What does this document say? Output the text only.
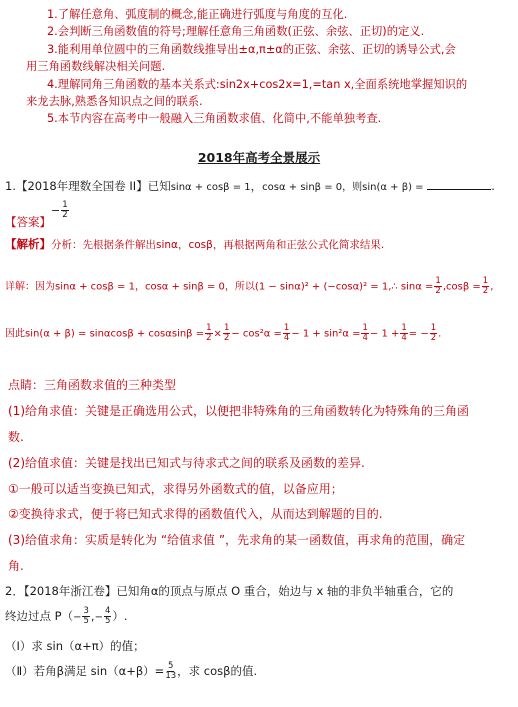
1.了解任意角、弧度制的概念,能正确进行弧度与角度的互化.
2.会判断三角函数值的符号;理解任意角三角函数(正弦、余弦、正切)的定义.
3.能利用单位圆中的三角函数线推导出±α,π±α的正弦、余弦、正切的诱导公式,会
用三角函数线解决相关问题.
4.理解同角三角函数的基本关系式:sin2x+cos2x=1,=tan x,全面系统地掌握知识的
来龙去脉,熟悉各知识点之间的联系.
5.本节内容在高考中一般融入三角函数求值、化简中,不能单独考查.
2018年高考全景展示
1.【2018年理数全国卷 II】已知sinα + cosβ = 1，cosα + sinβ = 0，则sin(α + β) =	.
【答案】− $\frac{1}{2}$
【解析】分析：先根据条件解出sinα，cosβ，再根据两角和正弦公式化简求结果.
详解：因为sinα + cosβ = 1，cosα + sinβ = 0，所以(1 − sinα)² + (−cosα)² = 1,∴ $\sin\alpha = \frac{1}{2} ,\cos\beta = \frac{1}{2}$ ,
因此$\sin(\alpha + \beta) = \sin\alpha\cos\beta + \cos\alpha\sin\beta = \frac{1}{2} \times \frac{1}{2} - \cos^2\alpha = \frac{1}{4} - 1 + \sin^2\alpha = \frac{1}{4} - 1 + \frac{1}{4}$ = − $\frac{1}{2}$ .
点睛：三角函数求值的三种类型
(1)给角求值：关键是正确选用公式，以便把非特殊角的三角函数转化为特殊角的三角函
数.
(2)给值求值：关键是找出已知式与待求式之间的联系及函数的差异.
①一般可以适当变换已知式，求得另外函数式的值，以备应用；
②变换待求式，便于将已知式求得的函数值代入，从而达到解题的目的.
(3)给值求角：实质是转化为 “给值求值 ”，先求角的某一函数值，再求角的范围，确定
角.
2．【2018年浙江卷】已知角α的顶点与原点 O 重合，始边与 x 轴的非负半轴重合，它的
终边过点 $P(- \frac{3}{5}$ ,− $\frac{4}{5}$ ）.
（Ⅰ）求 sin（α+π）的值；
（Ⅱ）若角β满足 $\sin(\alpha+\beta)= \frac{5}{13}$ ，求 cosβ的值.
